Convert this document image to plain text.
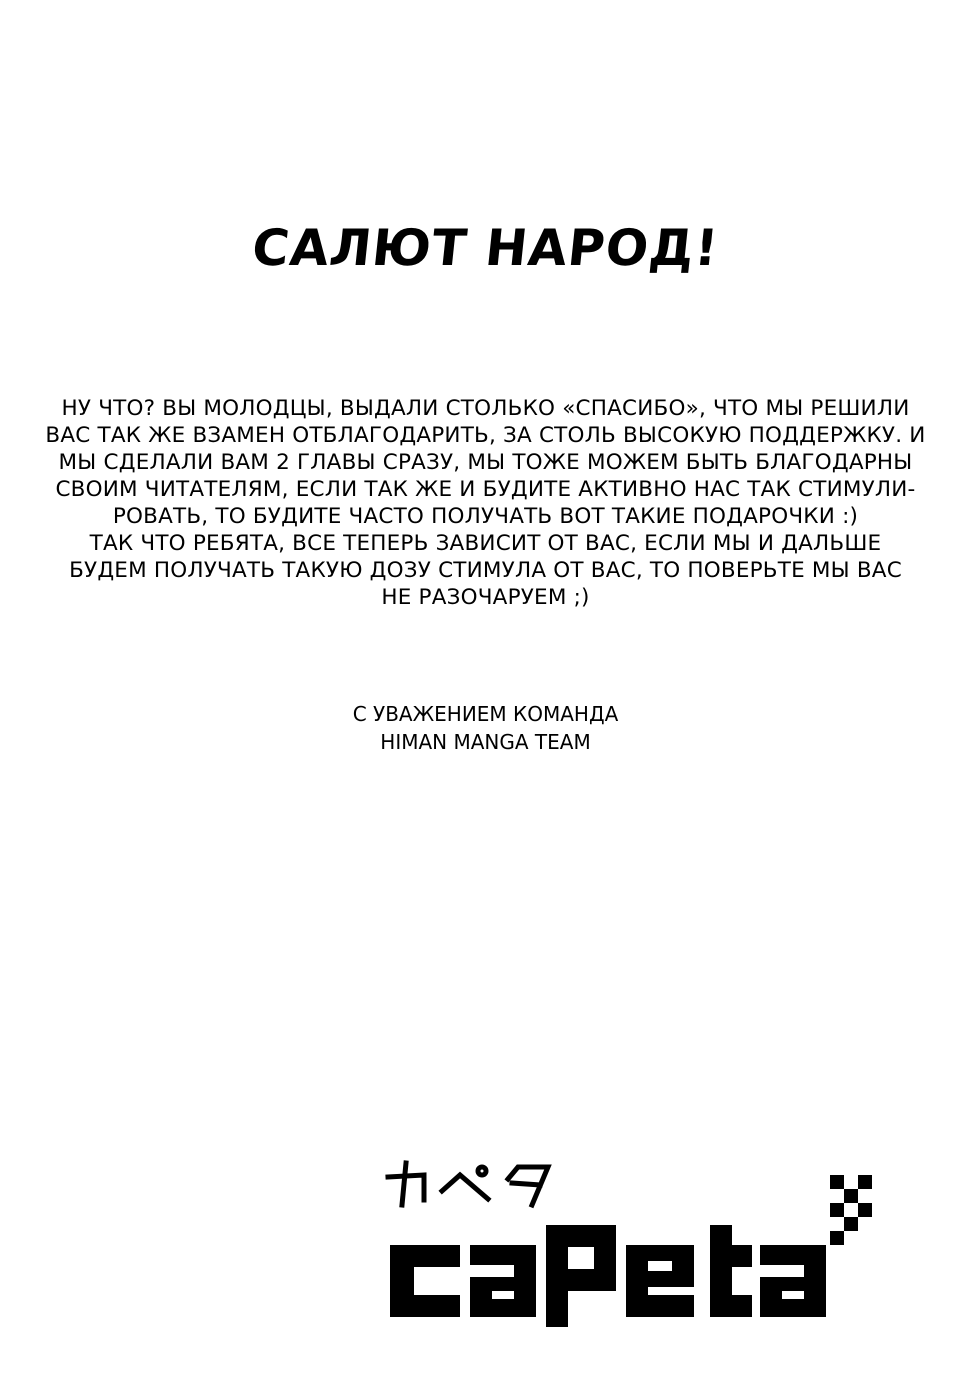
САЛЮТ НАРОД!
НУ ЧТО? ВЫ МОЛОДЦЫ, ВЫДАЛИ СТОЛЬКО «СПАСИБО», ЧТО МЫ РЕШИЛИ
ВАС ТАК ЖЕ ВЗАМЕН ОТБЛАГОДАРИТЬ, ЗА СТОЛЬ ВЫСОКУЮ ПОДДЕРЖКУ. И
МЫ СДЕЛАЛИ ВАМ 2 ГЛАВЫ СРАЗУ, МЫ ТОЖЕ МОЖЕМ БЫТЬ БЛАГОДАРНЫ
СВОИМ ЧИТАТЕЛЯМ, ЕСЛИ ТАК ЖЕ И БУДИТЕ АКТИВНО НАС ТАК СТИМУЛИ-
РОВАТЬ, ТО БУДИТЕ ЧАСТО ПОЛУЧАТЬ ВОТ ТАКИЕ ПОДАРОЧКИ :)
ТАК ЧТО РЕБЯТА, ВСЕ ТЕПЕРЬ ЗАВИСИТ ОТ ВАС, ЕСЛИ МЫ И ДАЛЬШЕ
БУДЕМ ПОЛУЧАТЬ ТАКУЮ ДОЗУ СТИМУЛА ОТ ВАС, ТО ПОВЕРЬТЕ МЫ ВАС
НЕ РАЗОЧАРУЕМ ;)
С УВАЖЕНИЕМ КОМАНДА
HIMAN MANGA TEAM
